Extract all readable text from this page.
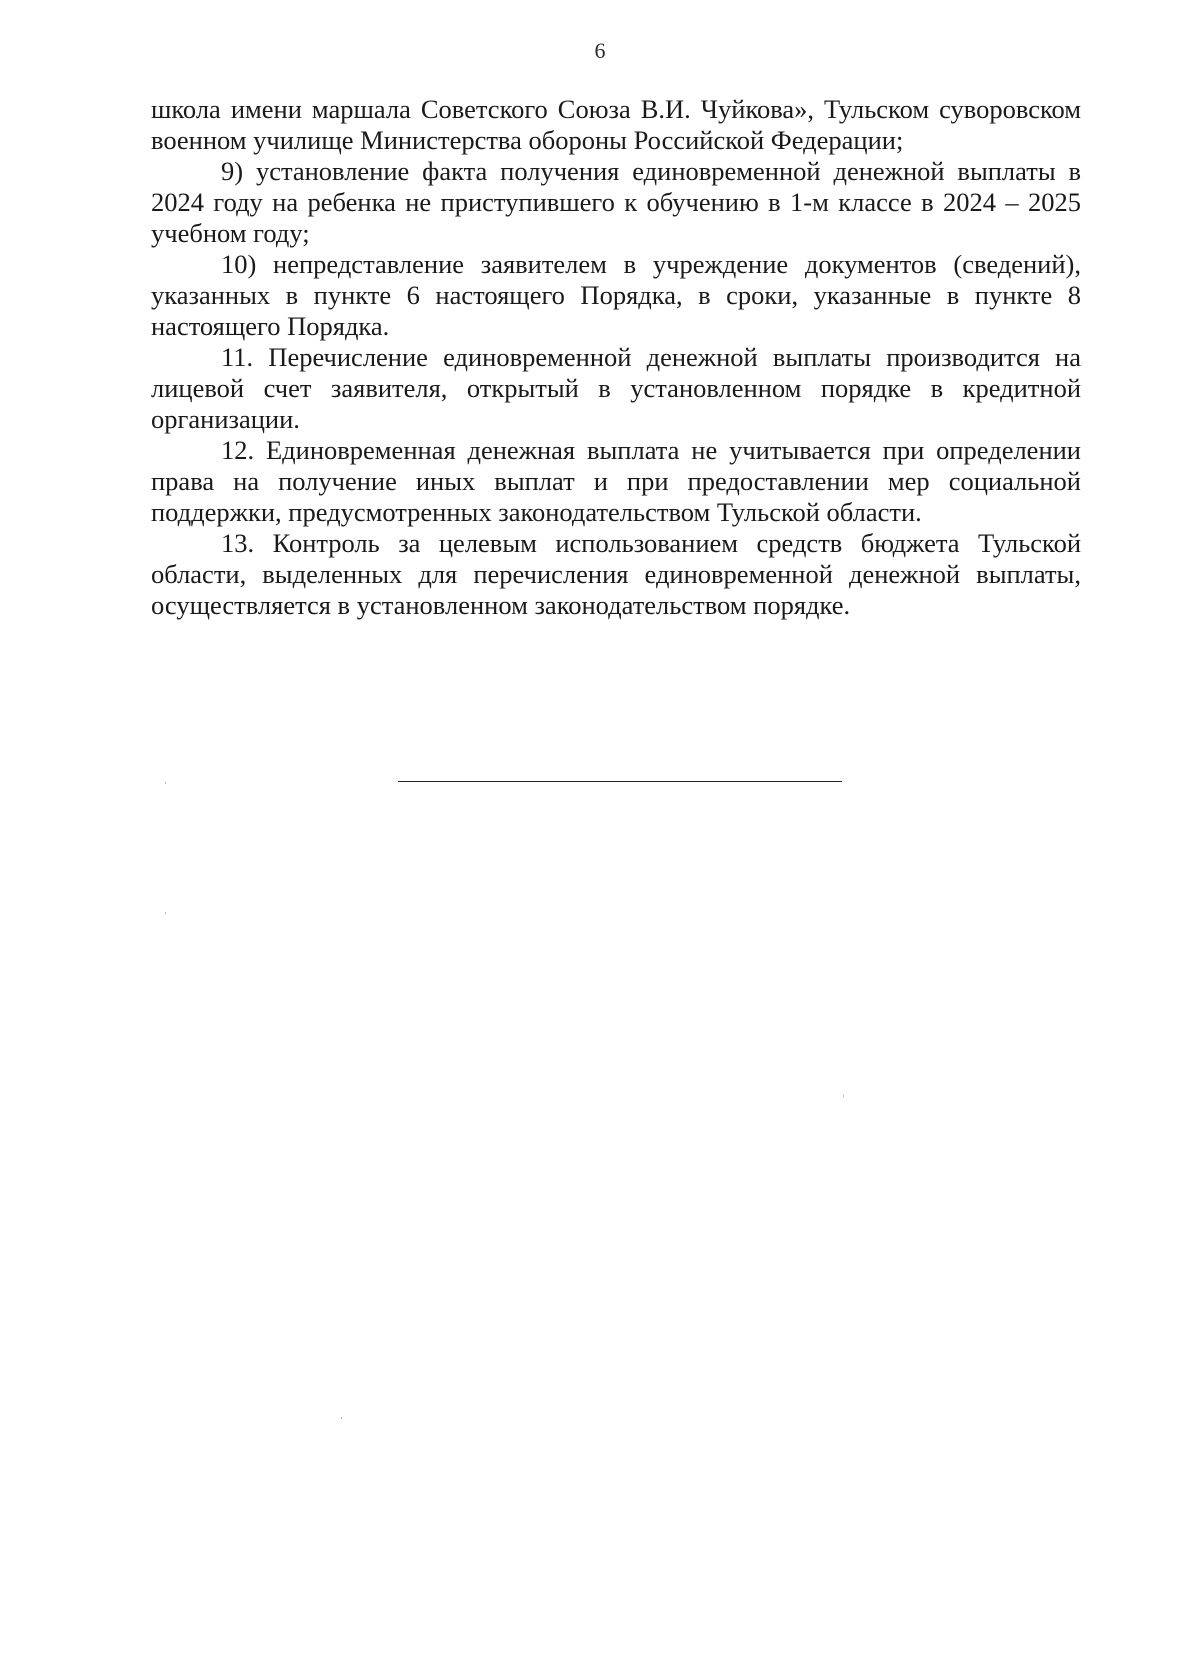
6

школа имени маршала Советского Союза В.И. Чуйкова», Тульском суворовском военном училище Министерства обороны Российской Федерации;

9) установление факта получения единовременной денежной выплаты в 2024 году на ребенка не приступившего к обучению в 1-м классе в 2024 – 2025 учебном году;

10) непредставление заявителем в учреждение документов (сведений), указанных в пункте 6 настоящего Порядка, в сроки, указанные в пункте 8 настоящего Порядка.

11. Перечисление единовременной денежной выплаты производится на лицевой счет заявителя, открытый в установленном порядке в кредитной организации.

12. Единовременная денежная выплата не учитывается при определении права на получение иных выплат и при предоставлении мер социальной поддержки, предусмотренных законодательством Тульской области.

13. Контроль за целевым использованием средств бюджета Тульской области, выделенных для перечисления единовременной денежной выплаты, осуществляется в установленном законодательством порядке.
